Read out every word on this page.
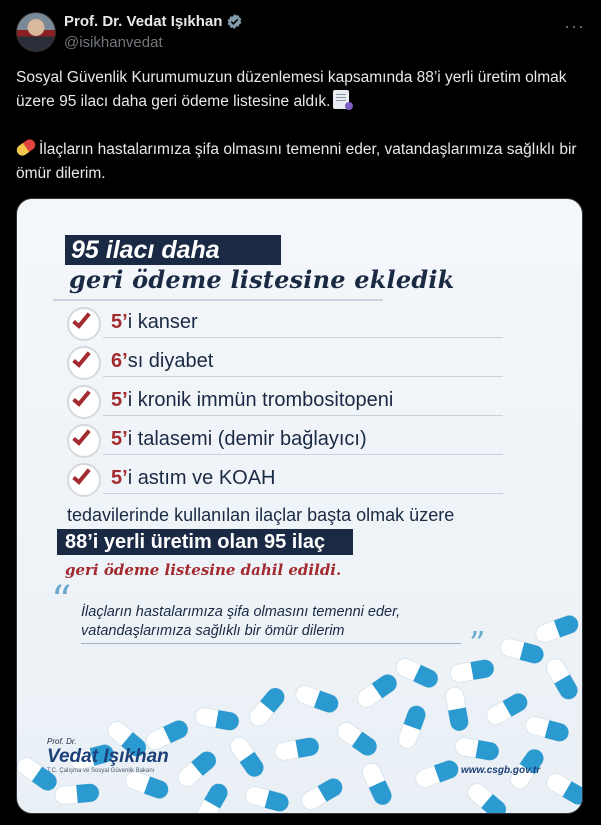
Prof. Dr. Vedat Işıkhan
@isikhanvedat
···

Sosyal Güvenlik Kurumumuzun düzenlemesi kapsamında 88’i yerli üretim olmak üzere 95 ilacı daha geri ödeme listesine aldık.

İlaçların hastalarımıza şifa olmasını temenni eder, vatandaşlarımıza sağlıklı bir ömür dilerim.

95 ilacı daha
geri ödeme listesine ekledik
5’i kanser
6’sı diyabet
5’i kronik immün trombositopeni
5’i talasemi (demir bağlayıcı)
5’i astım ve KOAH
tedavilerinde kullanılan ilaçlar başta olmak üzere
88’i yerli üretim olan 95 ilaç
geri ödeme listesine dahil edildi.
“ İlaçların hastalarımıza şifa olmasını temenni eder,
vatandaşlarımıza sağlıklı bir ömür dilerim	”
Prof. Dr.
Vedat Işıkhan
T.C. Çalışma ve Sosyal Güvenlik Bakanı	www.csgb.gov.tr
